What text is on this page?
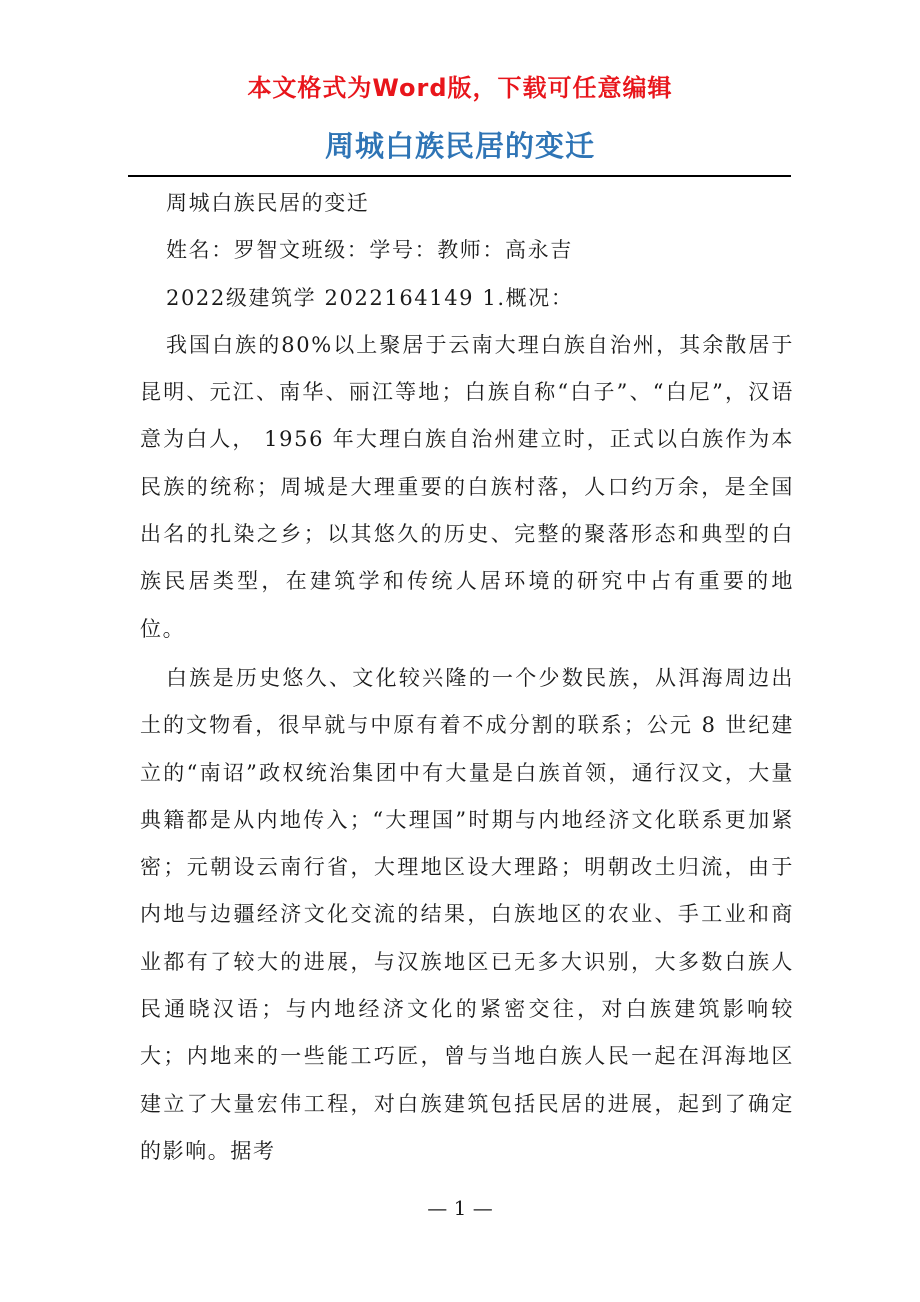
本文格式为Word版，下载可任意编辑
周城白族民居的变迁

周城白族民居的变迁

姓名：罗智文班级：学号：教师：高永吉

2022级建筑学 2022164149 1.概况：

我国白族的80%以上聚居于云南大理白族自治州，其余散居于昆明、元江、南华、丽江等地；白族自称“白子”、“白尼”，汉语意为白人， 1956 年大理白族自治州建立时，正式以白族作为本民族的统称；周城是大理重要的白族村落，人口约万余，是全国出名的扎染之乡；以其悠久的历史、完整的聚落形态和典型的白族民居类型，在建筑学和传统人居环境的研究中占有重要的地位。

白族是历史悠久、文化较兴隆的一个少数民族，从洱海周边出土的文物看，很早就与中原有着不成分割的联系；公元 8 世纪建立的“南诏”政权统治集团中有大量是白族首领，通行汉文，大量典籍都是从内地传入；“大理国”时期与内地经济文化联系更加紧密；元朝设云南行省，大理地区设大理路；明朝改土归流，由于内地与边疆经济文化交流的结果，白族地区的农业、手工业和商业都有了较大的进展，与汉族地区已无多大识别，大多数白族人民通晓汉语；与内地经济文化的紧密交往，对白族建筑影响较大；内地来的一些能工巧匠，曾与当地白族人民一起在洱海地区建立了大量宏伟工程，对白族建筑包括民居的进展，起到了确定的影响。据考

— 1 —
